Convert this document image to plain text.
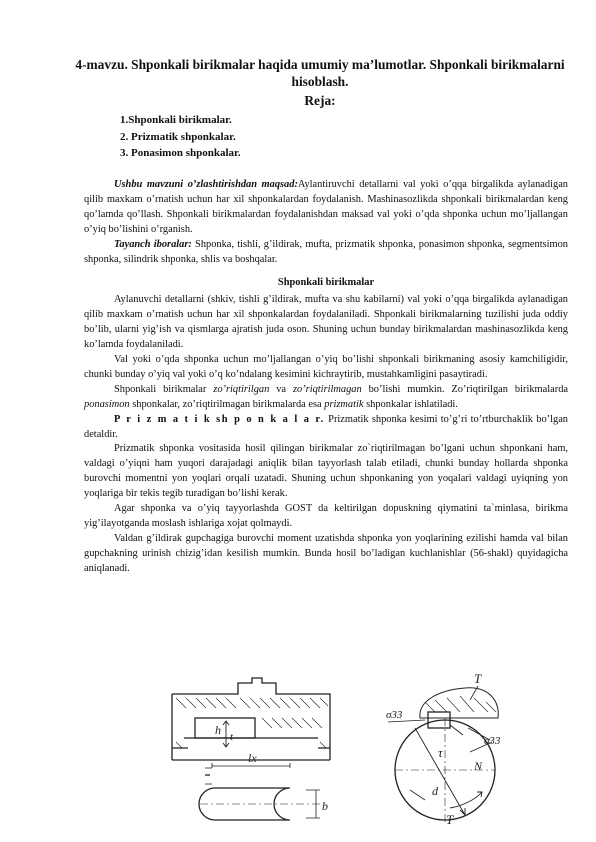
4-mavzu. Shponkali birikmalar haqida umumiy ma’lumotlar. Shponkali birikmalarni hisoblash.
Reja:
1.Shponkali birikmalar.
2. Prizmatik shponkalar.
3. Ponasimon shponkalar.

Ushbu mavzuni o’zlashtirishdan maqsad:Aylantiruvchi detallarni val yoki o’qqa birgalikda aylanadigan qilib maxkam o’rnatish uchun har xil shponkalardan foydalanish. Mashinasozlikda shponkali birikmalardan keng qo’lamda qo’llash. Shponkali birikmalardan foydalanishdan maksad val yoki o’qda shponka uchun mo’ljallangan o’yiq bo’lishini o’rganish.

Tayanch iboralar: Shponka, tishli, g’ildirak, mufta, prizmatik shponka, ponasimon shponka, segmentsimon shponka, silindrik shponka, shlis va boshqalar.

Shponkali birikmalar

Aylanuvchi detallarni (shkiv, tishli g’ildirak, mufta va shu kabilarni) val yoki o’qqa birgalikda aylanadigan qilib maxkam o’rnatish uchun har xil shponkalardan foydalaniladi. Shponkali birikmalarning tuzilishi juda oddiy bo’lib, ularni yig’ish va qismlarga ajratish juda oson. Shuning uchun bunday birikmalardan mashinasozlikda keng ko’lamda foydalaniladi.

Val yoki o’qda shponka uchun mo’ljallangan o’yiq bo’lishi shponkali birikmaning asosiy kamchiligidir, chunki bunday o’yiq val yoki o’q ko’ndalang kesimini kichraytirib, mustahkamligini pasaytiradi.

Shponkali birikmalar zo’riqtirilgan va zo’riqtirilmagan bo’lishi mumkin. Zo’riqtirilgan birikmalarda ponasimon shponkalar, zo’riqtirilmagan birikmalarda esa prizmatik shponkalar ishlatiladi.

P r i z m a t i k sh p o n k a l a r. Prizmatik shponka kesimi to’g’ri to’rtburchaklik bo’lgan detaldir.

Prizmatik shponka vositasida hosil qilingan birikmalar zo`riqtirilmagan bo’lgani uchun shponkani ham, valdagi o’yiqni ham yuqori darajadagi aniqlik bilan tayyorlash talab etiladi, chunki bunday hollarda shponka burovchi momentni yon yoqlari orqali uzatadi. Shuning uchun shponkaning yon yoqalari valdagi uyiqning yon yoqlariga bir tekis tegib turadigan bo’lishi kerak.

Agar shponka va o’yiq tayyorlashda GOST da keltirilgan dopuskning qiymatini ta`minlasa, birikma yig’ilayotganda moslash ishlariga xojat qolmaydi.

Valdan g’ildirak gupchagiga burovchi moment uzatishda shponka yon yoqlarining ezilishi hamda val bilan gupchakning urinish chizig’idan kesilish mumkin. Bunda hosil bo’ladigan kuchlanishlar (56-shakl) quyidagicha aniqlanadi.

h t
lx
b
T
σ33
σ33
τ
N
d
T
